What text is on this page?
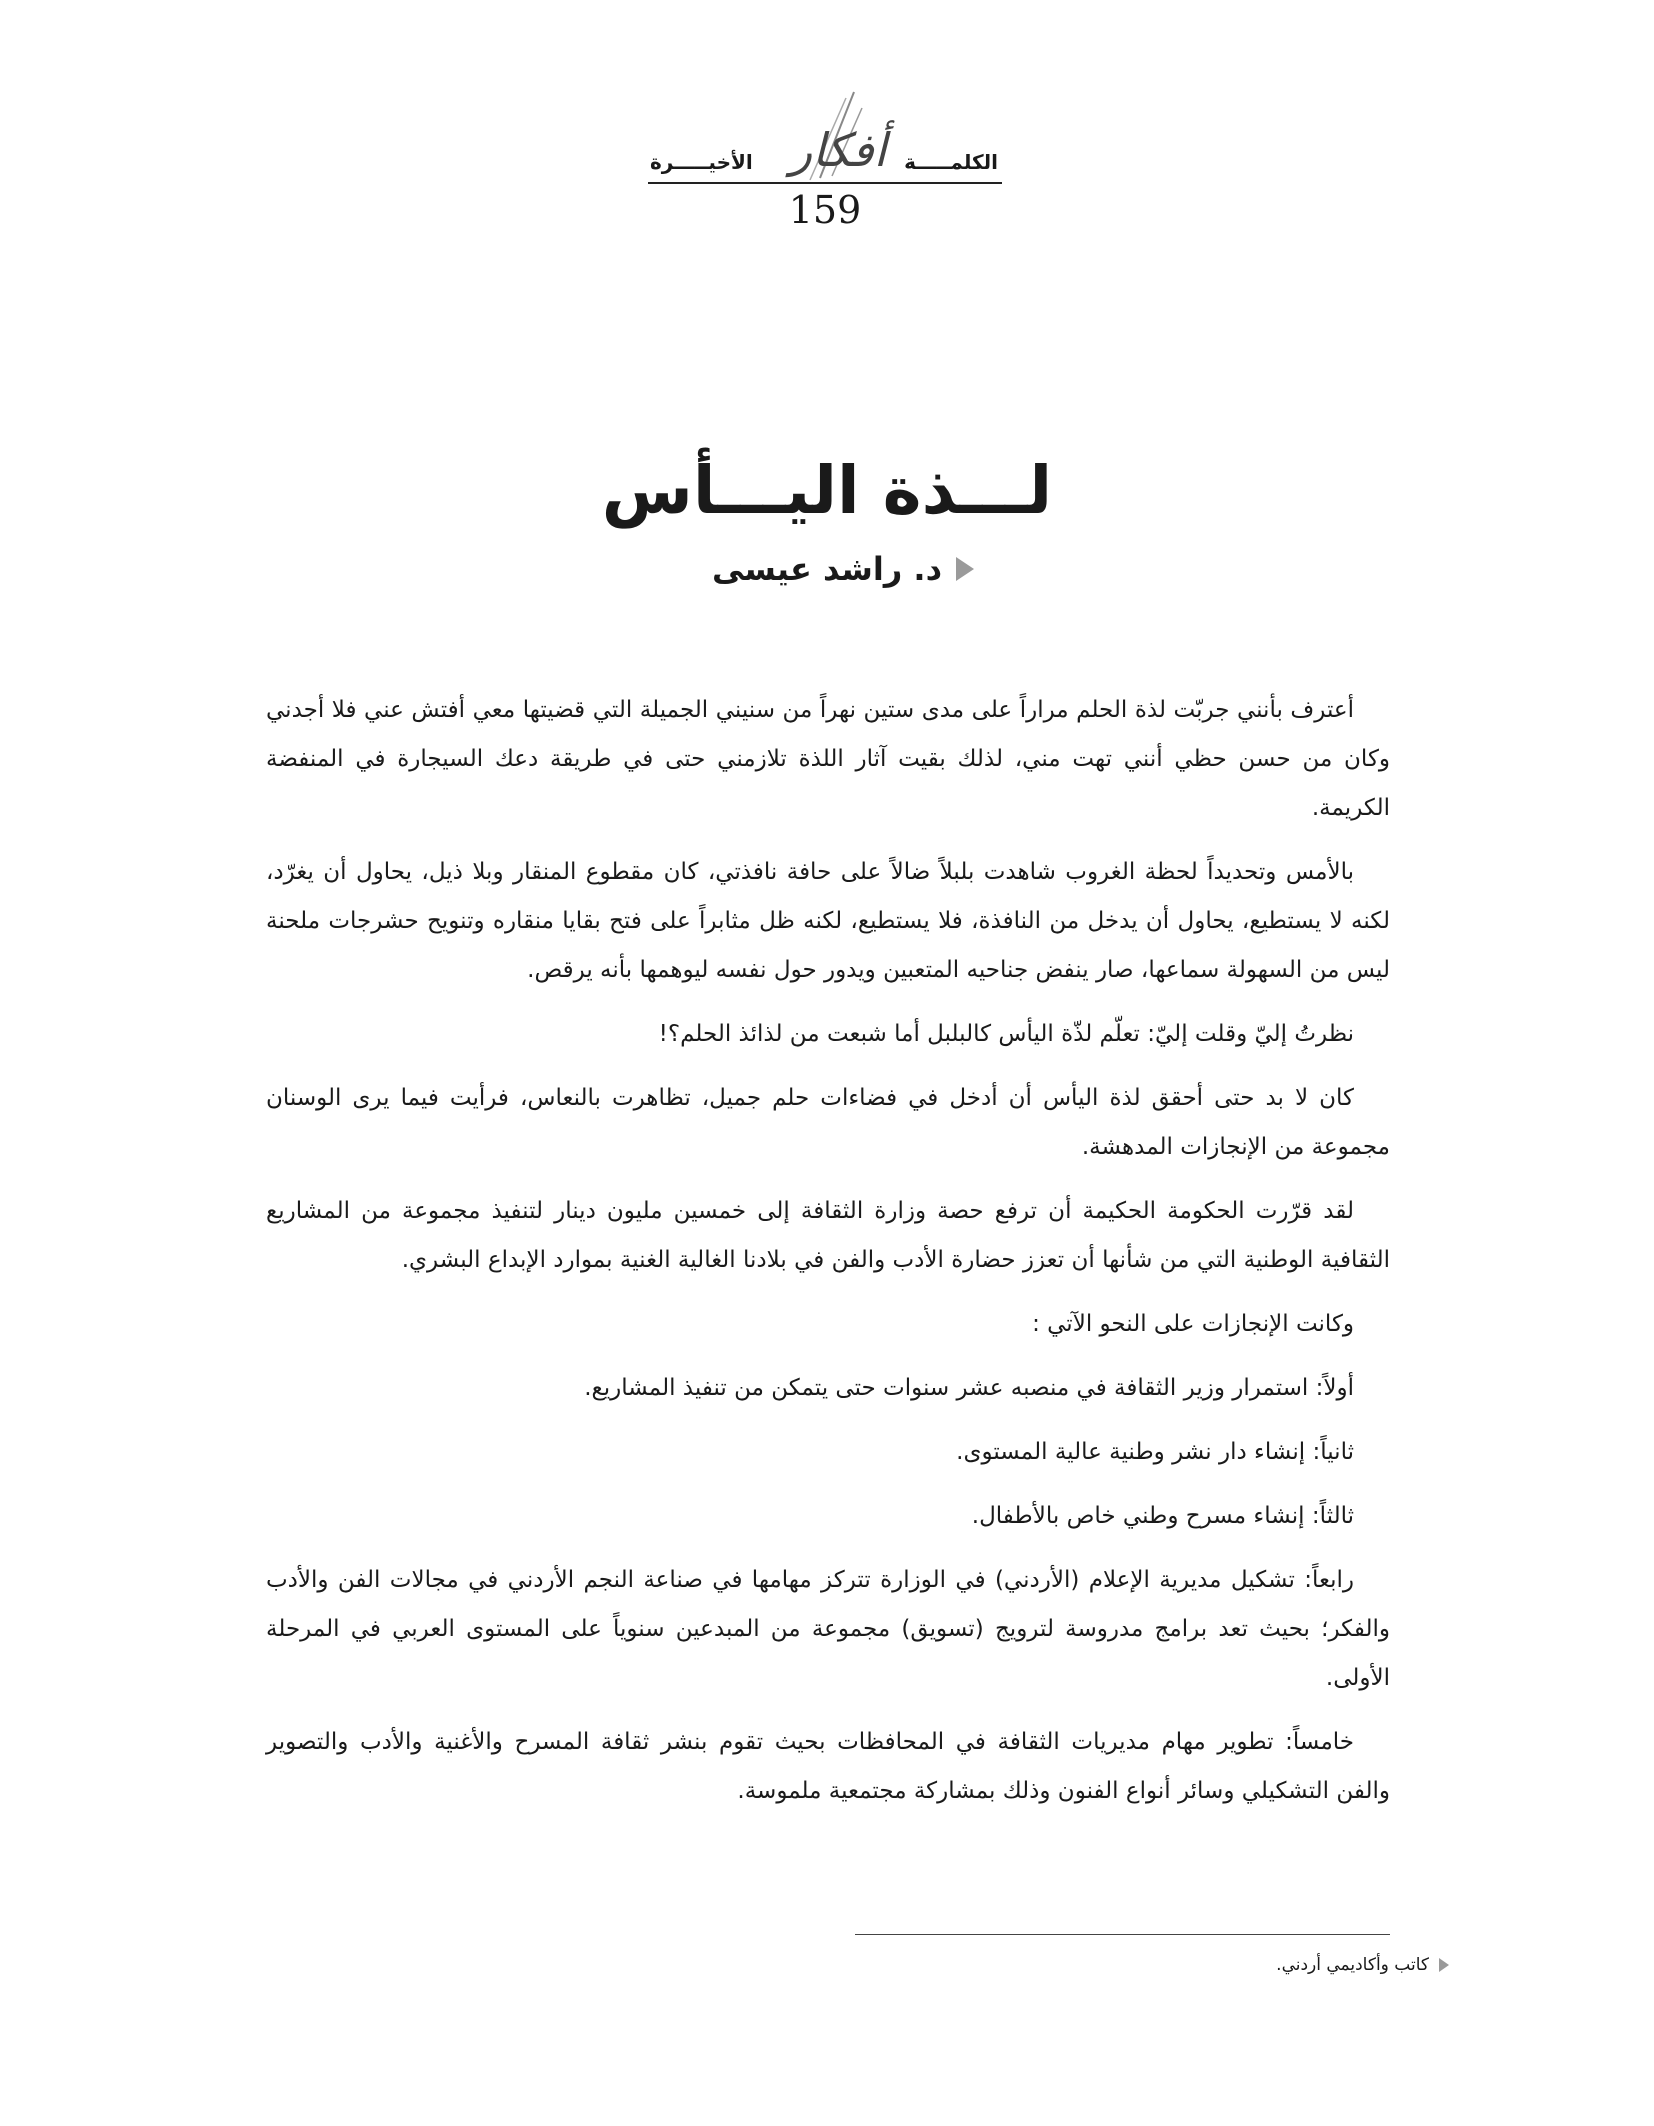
أفكار الكلمـــــة
الأخيـــــرة
159
لـــذة اليـــأس
د. راشد عيسى

أعترف بأنني جربّت لذة الحلم مراراً على مدى ستين نهراً من سنيني الجميلة التي قضيتها معي أفتش عني فلا أجدني وكان من حسن حظي أنني تهت مني، لذلك بقيت آثار اللذة تلازمني حتى في طريقة دعك السيجارة في المنفضة الكريمة.

بالأمس وتحديداً لحظة الغروب شاهدت بلبلاً ضالاً على حافة نافذتي، كان مقطوع المنقار وبلا ذيل، يحاول أن يغرّد، لكنه لا يستطيع، يحاول أن يدخل من النافذة، فلا يستطيع، لكنه ظل مثابراً على فتح بقايا منقاره وتنويح حشرجات ملحنة ليس من السهولة سماعها، صار ينفض جناحيه المتعبين ويدور حول نفسه ليوهمها بأنه يرقص.

نظرتُ إليّ وقلت إليّ: تعلّم لذّة اليأس كالبلبل أما شبعت من لذائذ الحلم؟!

كان لا بد حتى أحقق لذة اليأس أن أدخل في فضاءات حلم جميل، تظاهرت بالنعاس، فرأيت فيما يرى الوسنان مجموعة من الإنجازات المدهشة.

لقد قرّرت الحكومة الحكيمة أن ترفع حصة وزارة الثقافة إلى خمسين مليون دينار لتنفيذ مجموعة من المشاريع الثقافية الوطنية التي من شأنها أن تعزز حضارة الأدب والفن في بلادنا الغالية الغنية بموارد الإبداع البشري.

وكانت الإنجازات على النحو الآتي :

أولاً: استمرار وزير الثقافة في منصبه عشر سنوات حتى يتمكن من تنفيذ المشاريع.

ثانياً: إنشاء دار نشر وطنية عالية المستوى.

ثالثاً: إنشاء مسرح وطني خاص بالأطفال.

رابعاً: تشكيل مديرية الإعلام (الأردني) في الوزارة تتركز مهامها في صناعة النجم الأردني في مجالات الفن والأدب والفكر؛ بحيث تعد برامج مدروسة لترويج (تسويق) مجموعة من المبدعين سنوياً على المستوى العربي في المرحلة الأولى.

خامساً: تطوير مهام مديريات الثقافة في المحافظات بحيث تقوم بنشر ثقافة المسرح والأغنية والأدب والتصوير والفن التشكيلي وسائر أنواع الفنون وذلك بمشاركة مجتمعية ملموسة.

كاتب وأكاديمي أردني.
